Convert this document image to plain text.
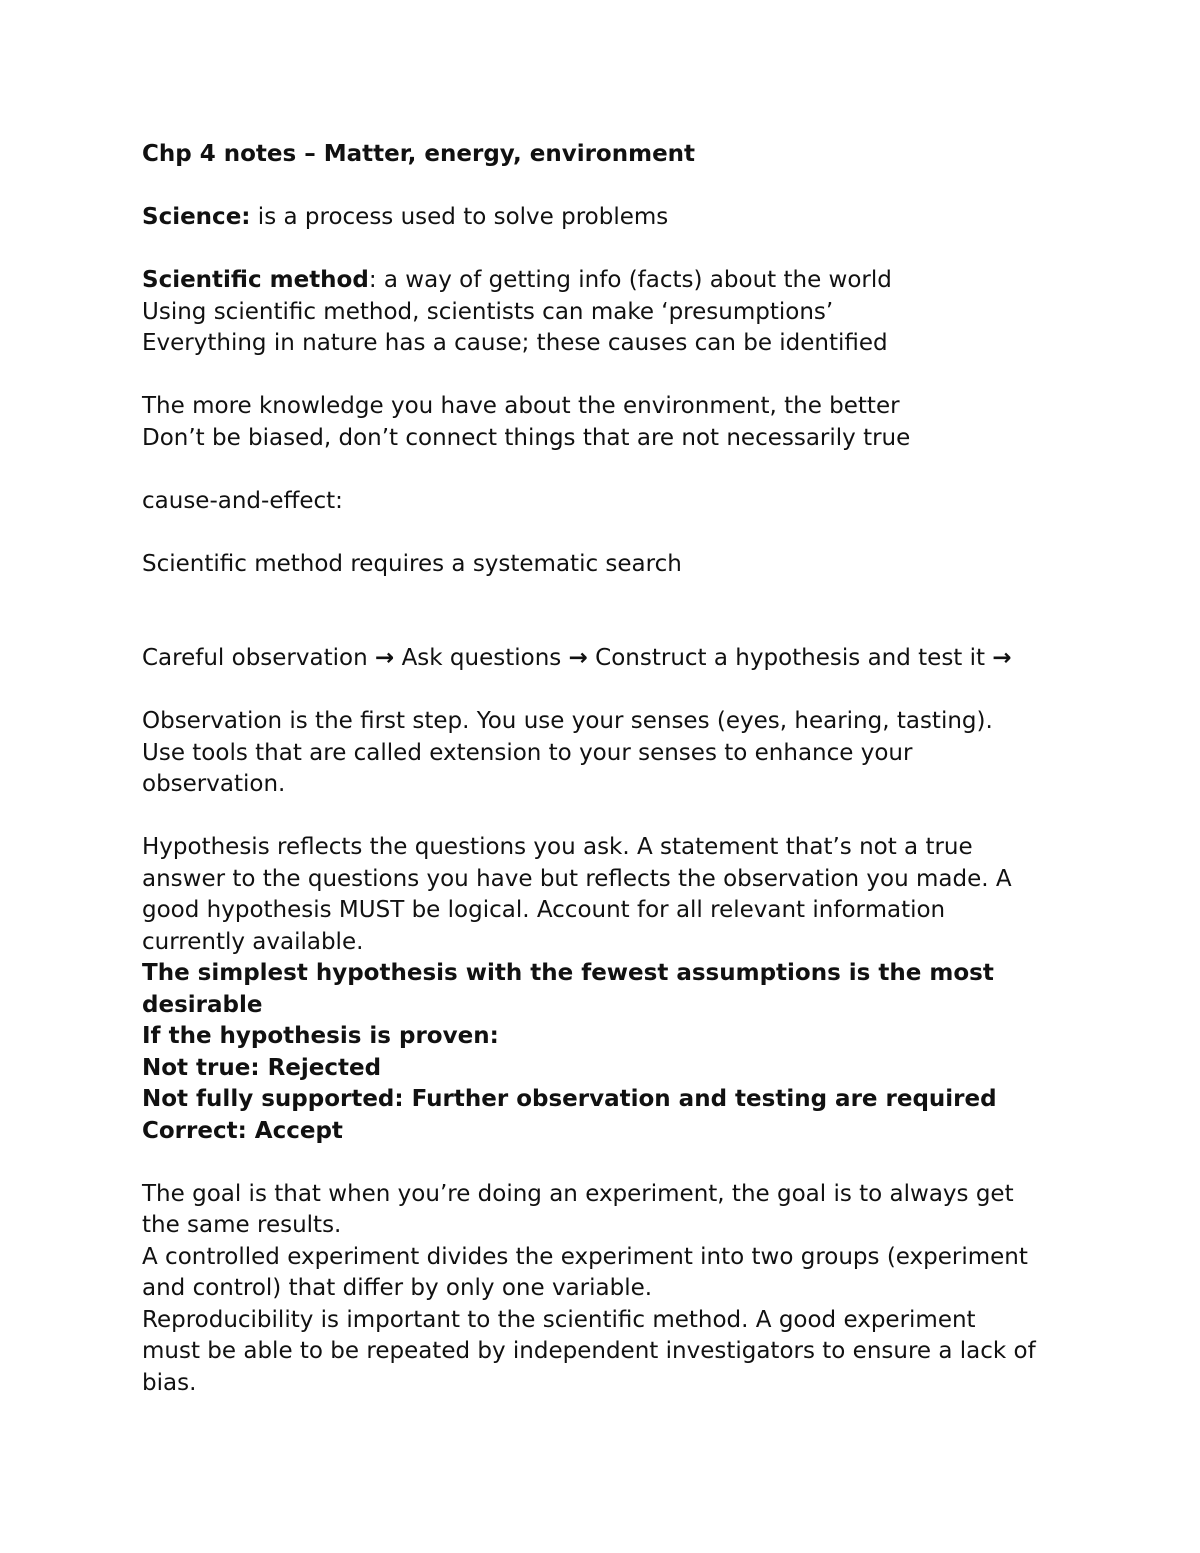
Chp 4 notes – Matter, energy, environment
Science: is a process used to solve problems
Scientific method: a way of getting info (facts) about the world
Using scientific method, scientists can make ‘presumptions’
Everything in nature has a cause; these causes can be identified
The more knowledge you have about the environment, the better
Don’t be biased, don’t connect things that are not necessarily true
cause-and-effect:
Scientific method requires a systematic search
Careful observation → Ask questions → Construct a hypothesis and test it →
Observation is the first step. You use your senses (eyes, hearing, tasting).
Use tools that are called extension to your senses to enhance your
observation.
Hypothesis reflects the questions you ask. A statement that’s not a true
answer to the questions you have but reflects the observation you made. A
good hypothesis MUST be logical. Account for all relevant information
currently available.
The simplest hypothesis with the fewest assumptions is the most
desirable
If the hypothesis is proven:
Not true: Rejected
Not fully supported: Further observation and testing are required
Correct: Accept
The goal is that when you’re doing an experiment, the goal is to always get
the same results.
A controlled experiment divides the experiment into two groups (experiment
and control) that differ by only one variable.
Reproducibility is important to the scientific method. A good experiment
must be able to be repeated by independent investigators to ensure a lack of
bias.
